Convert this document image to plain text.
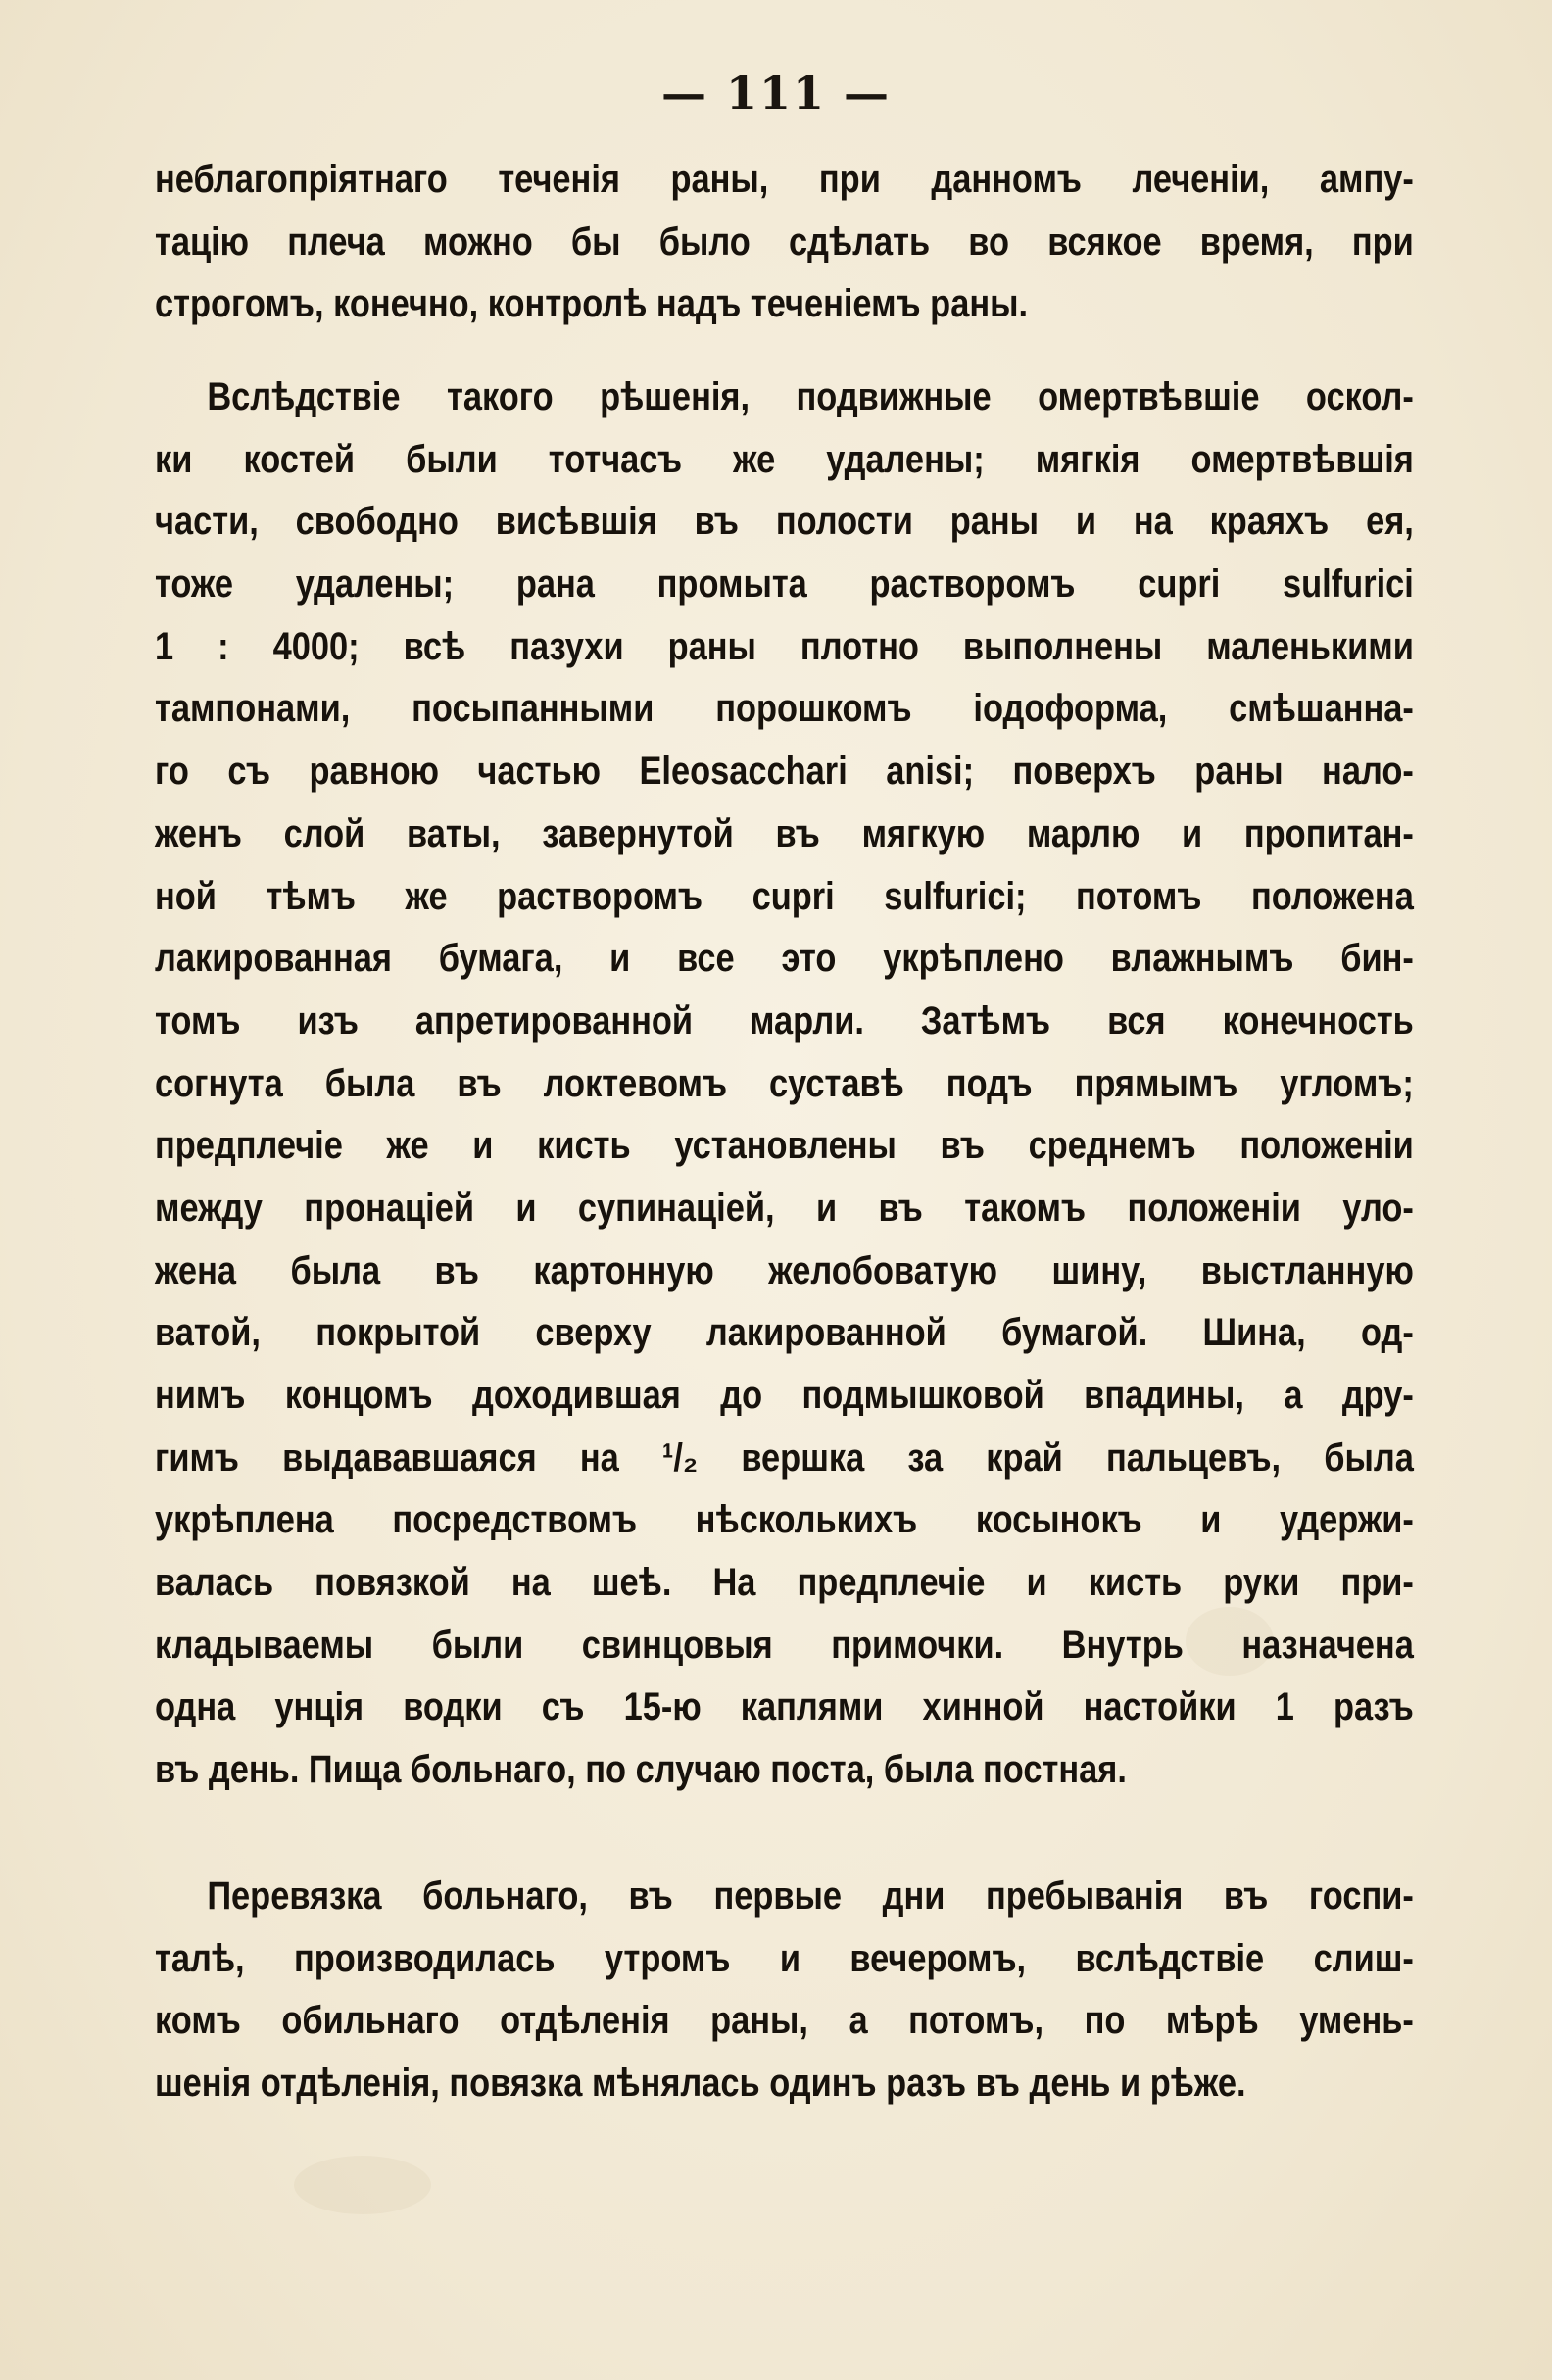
— 111 —
неблагопріятнаго теченія раны, при данномъ леченіи, ампу-
тацію плеча можно бы было сдѣлать во всякое время, при
строгомъ, конечно, контролѣ надъ теченіемъ раны.
Вслѣдствіе такого рѣшенія, подвижные омертвѣвшіе оскол-
ки костей были тотчасъ же удалены; мягкія омертвѣвшія
части, свободно висѣвшія въ полости раны и на краяхъ ея,
тоже удалены; рана промыта растворомъ cupri sulfurici
1 : 4000; всѣ пазухи раны плотно выполнены маленькими
тампонами, посыпанными порошкомъ іодоформа, смѣшанна-
го съ равною частью Eleosacchari anisi; поверхъ раны нало-
женъ слой ваты, завернутой въ мягкую марлю и пропитан-
ной тѣмъ же растворомъ cupri sulfurici; потомъ положена
лакированная бумага, и все это укрѣплено влажнымъ бин-
томъ изъ апретированной марли. Затѣмъ вся конечность
согнута была въ локтевомъ суставѣ подъ прямымъ угломъ;
предплечіе же и кисть установлены въ среднемъ положеніи
между пронаціей и супинаціей, и въ такомъ положеніи уло-
жена была въ картонную желобоватую шину, выстланную
ватой, покрытой сверху лакированной бумагой. Шина, од-
нимъ концомъ доходившая до подмышковой впадины, а дру-
гимъ выдававшаяся на ¹/₂ вершка за край пальцевъ, была
укрѣплена посредствомъ нѣсколькихъ косынокъ и удержи-
валась повязкой на шеѣ. На предплечіе и кисть руки при-
кладываемы были свинцовыя примочки. Внутрь назначена
одна унція водки съ 15-ю каплями хинной настойки 1 разъ
въ день. Пища больнаго, по случаю поста, была постная.
Перевязка больнаго, въ первые дни пребыванія въ госпи-
талѣ, производилась утромъ и вечеромъ, вслѣдствіе слиш-
комъ обильнаго отдѣленія раны, а потомъ, по мѣрѣ умень-
шенія отдѣленія, повязка мѣнялась одинъ разъ въ день и рѣже.
